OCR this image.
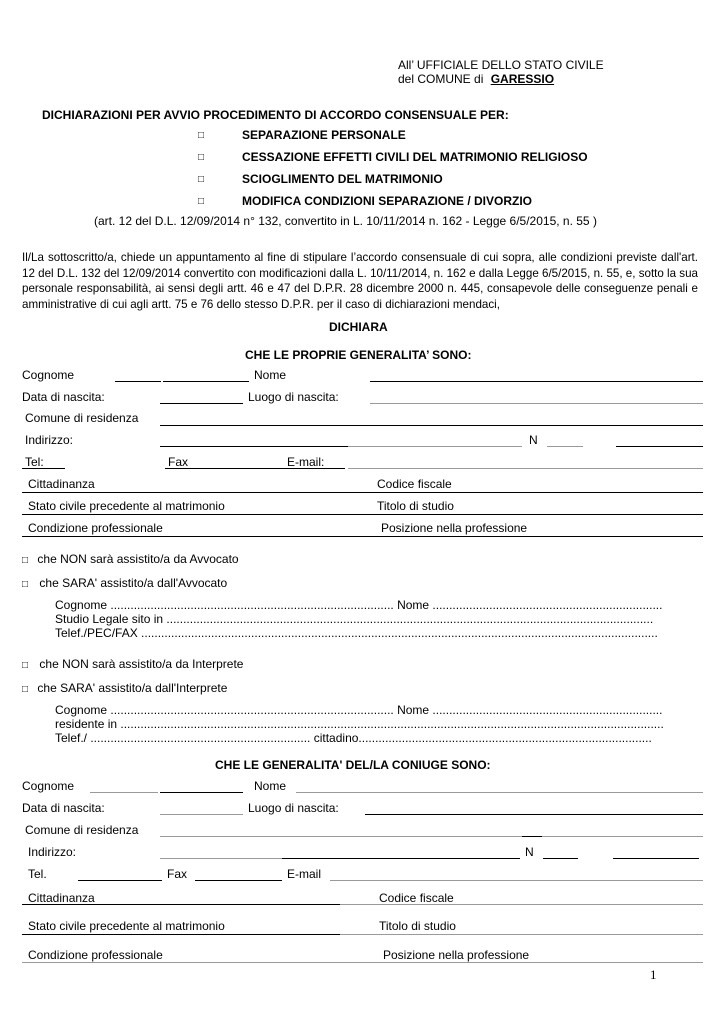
All’ UFFICIALE DELLO STATO CIVILE
del COMUNE di GARESSIO
DICHIARAZIONI PER AVVIO PROCEDIMENTO DI ACCORDO CONSENSUALE PER:
□	SEPARAZIONE PERSONALE
□	CESSAZIONE EFFETTI CIVILI DEL MATRIMONIO RELIGIOSO
□	SCIOGLIMENTO DEL MATRIMONIO
□	MODIFICA CONDIZIONI SEPARAZIONE / DIVORZIO
(art. 12 del D.L. 12/09/2014 n° 132, convertito in L. 10/11/2014 n. 162 - Legge 6/5/2015, n. 55 )
Il/La sottoscritto/a, chiede un appuntamento al fine di stipulare l’accordo consensuale di cui sopra, alle condizioni previste dall'art. 12 del D.L. 132 del 12/09/2014 convertito con modificazioni dalla L. 10/11/2014, n. 162 e dalla Legge 6/5/2015, n. 55, e, sotto la sua personale responsabilità, ai sensi degli artt. 46 e 47 del D.P.R. 28 dicembre 2000 n. 445, consapevole delle conseguenze penali e amministrative di cui agli artt. 75 e 76 dello stesso D.P.R. per il caso di dichiarazioni mendaci,
DICHIARA
CHE LE PROPRIE GENERALITA’ SONO:
Cognome	Nome
Data di nascita:	Luogo di nascita:
Comune di residenza
Indirizzo:	N
Tel:	Fax	E-mail:
Cittadinanza	Codice fiscale
Stato civile precedente al matrimonio	Titolo di studio
Condizione professionale	Posizione nella professione
□ che NON sarà assistito/a da Avvocato
□ che SARA' assistito/a dall'Avvocato
Cognome ..................................................................................... Nome .....................................................................
Studio Legale sito in ..................................................................................................................................................
Telef./PEC/FAX ...........................................................................................................................................................
□ che NON sarà assistito/a da Interprete
□ che SARA' assistito/a dall'Interprete
Cognome ..................................................................................... Nome .....................................................................
residente in ...................................................................................................................................................................
Telef./ .................................................................. cittadino........................................................................................
CHE LE GENERALITA' DEL/LA CONIUGE SONO:
Cognome	Nome
Data di nascita:	Luogo di nascita:
Comune di residenza
Indirizzo:	N
Tel.	Fax	E-mail
Cittadinanza	Codice fiscale
Stato civile precedente al matrimonio	Titolo di studio
Condizione professionale	Posizione nella professione
1
